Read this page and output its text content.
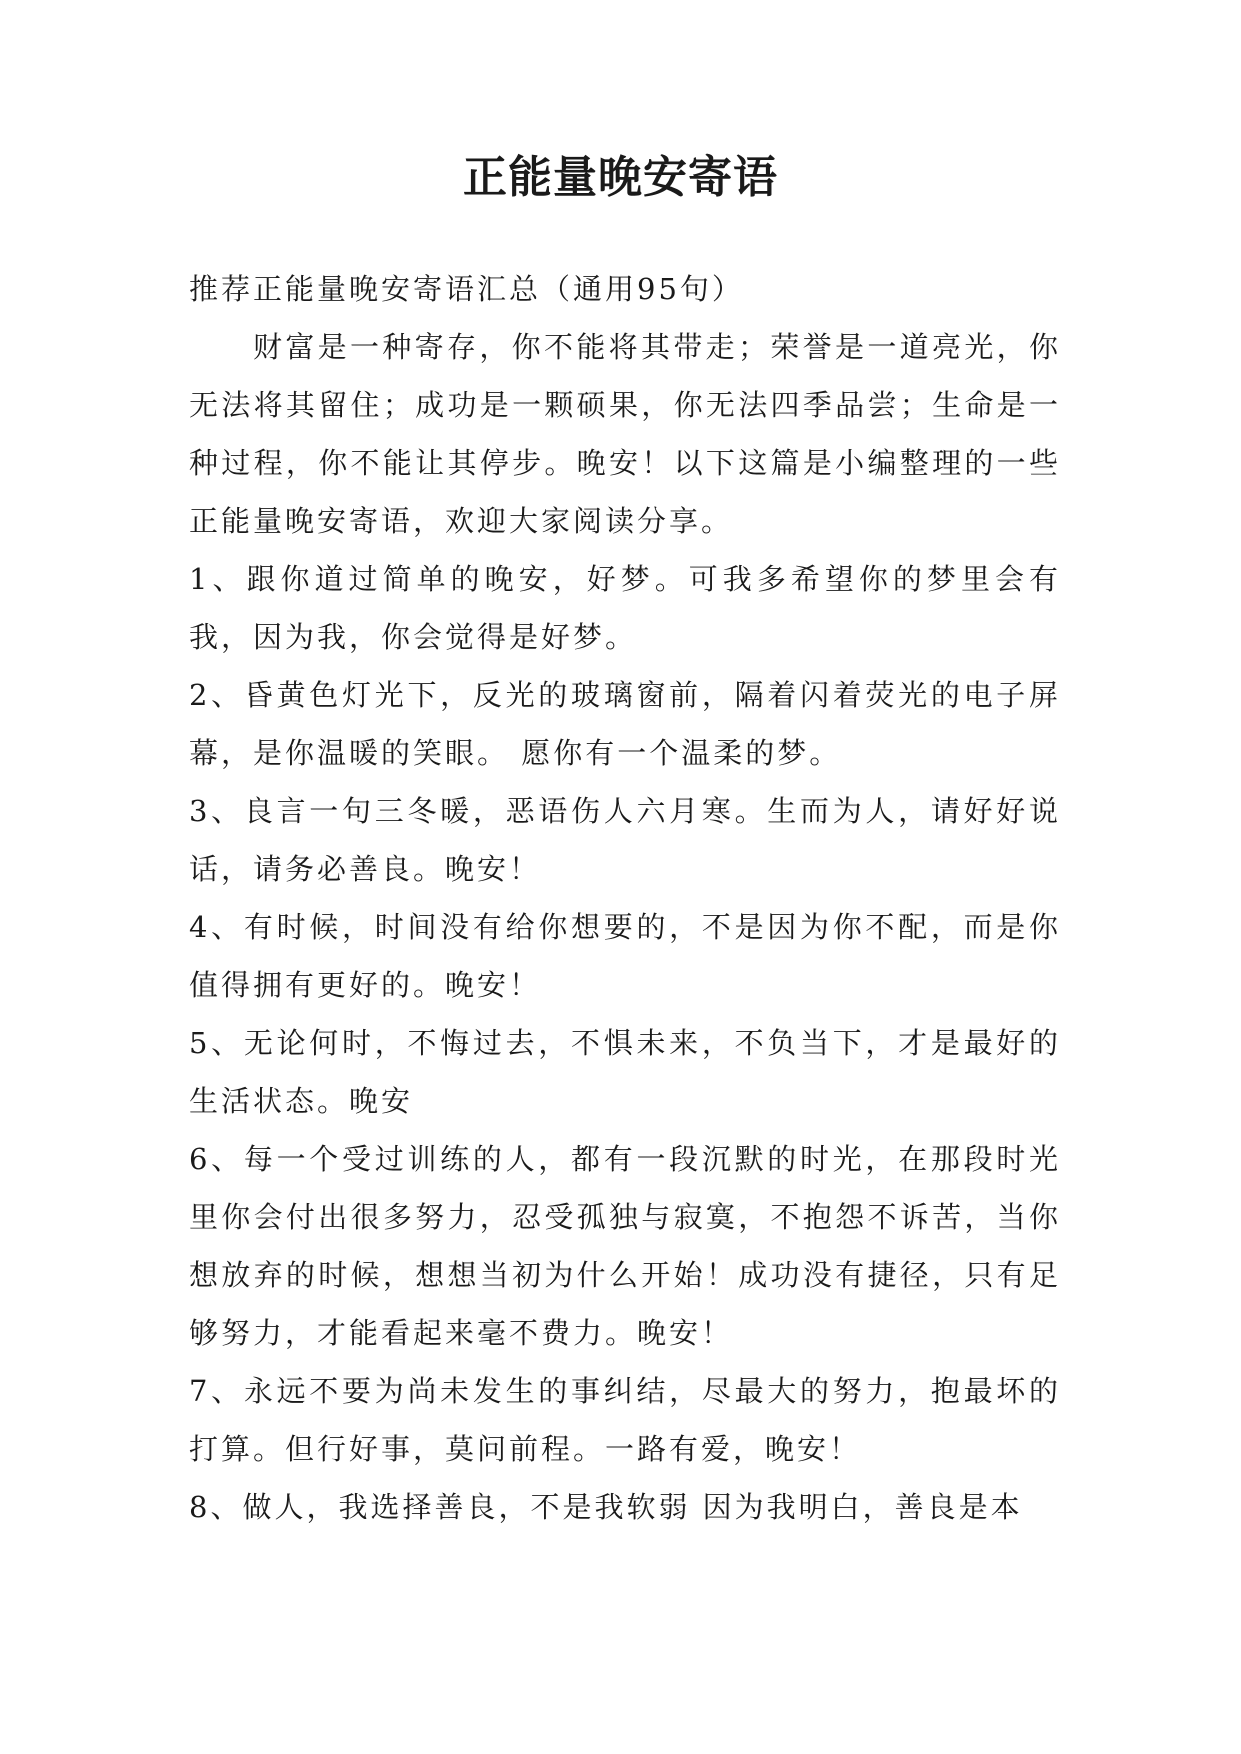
正能量晚安寄语

推荐正能量晚安寄语汇总（通用95句）

财富是一种寄存，你不能将其带走；荣誉是一道亮光，你无法将其留住；成功是一颗硕果，你无法四季品尝；生命是一种过程，你不能让其停步。晚安！以下这篇是小编整理的一些正能量晚安寄语，欢迎大家阅读分享。

1、跟你道过简单的晚安，好梦。可我多希望你的梦里会有我，因为我，你会觉得是好梦。

2、昏黄色灯光下，反光的玻璃窗前，隔着闪着荧光的电子屏幕，是你温暖的笑眼。 愿你有一个温柔的梦。

3、良言一句三冬暖，恶语伤人六月寒。生而为人，请好好说话，请务必善良。晚安！

4、有时候，时间没有给你想要的，不是因为你不配，而是你值得拥有更好的。晚安！

5、无论何时，不悔过去，不惧未来，不负当下，才是最好的生活状态。晚安

6、每一个受过训练的人，都有一段沉默的时光，在那段时光里你会付出很多努力，忍受孤独与寂寞，不抱怨不诉苦，当你想放弃的时候，想想当初为什么开始！成功没有捷径，只有足够努力，才能看起来毫不费力。晚安！

7、永远不要为尚未发生的事纠结，尽最大的努力，抱最坏的打算。但行好事，莫问前程。一路有爱，晚安！

8、做人，我选择善良，不是我软弱 因为我明白，善良是本
